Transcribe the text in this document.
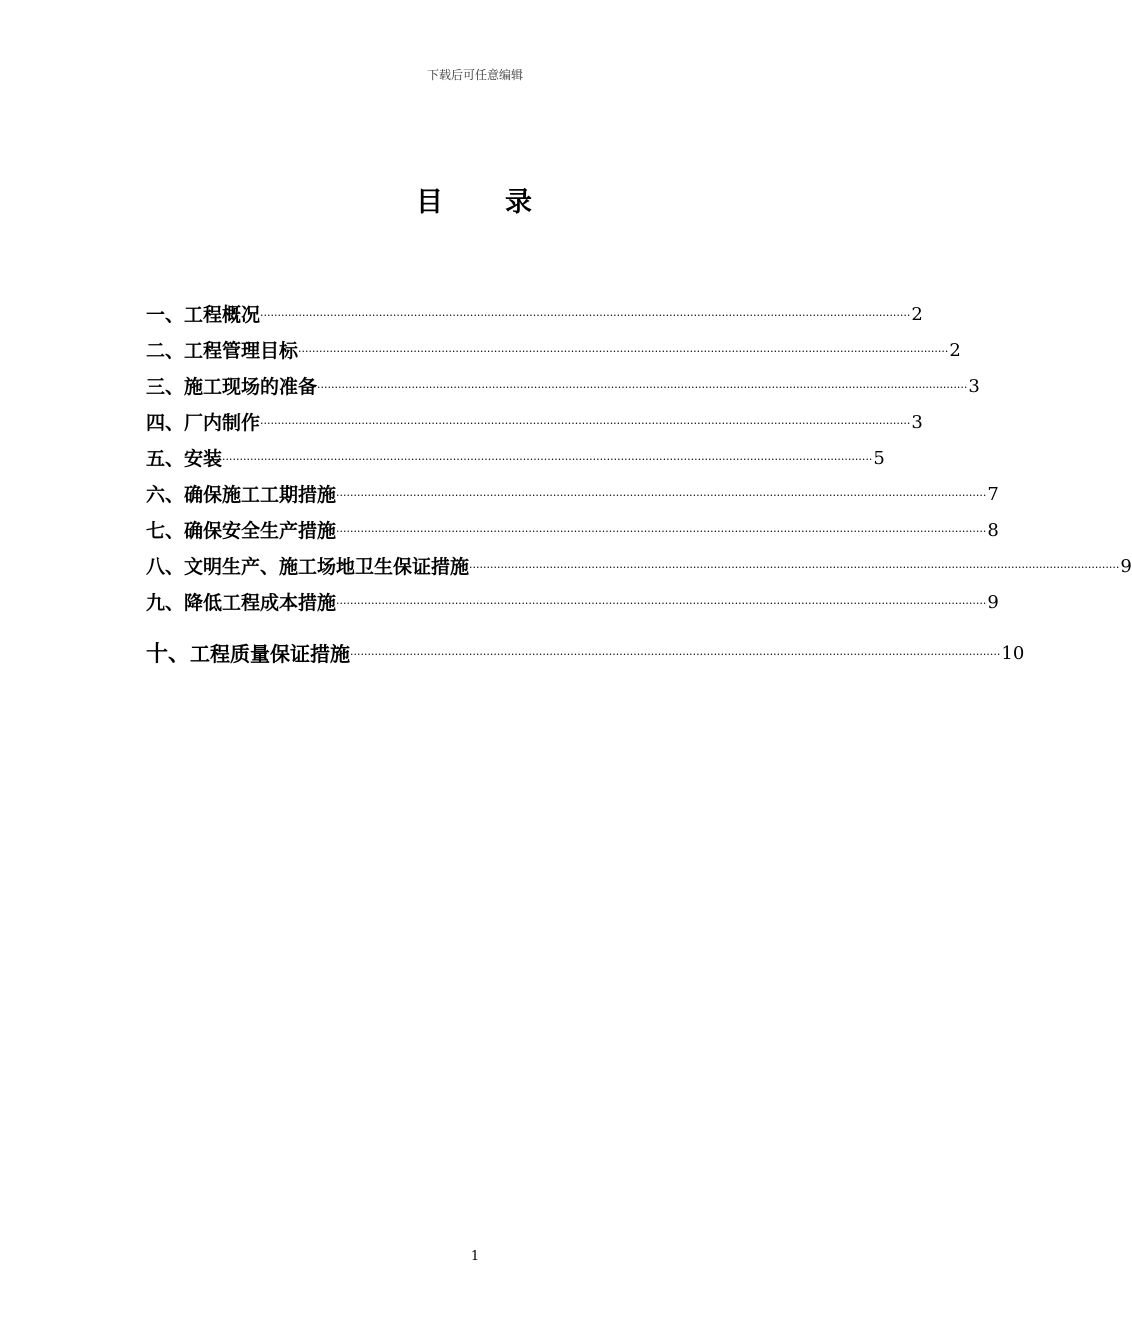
下载后可任意编辑
目 录
一、 工程概况 ·························································································································································································· 2
二、 工程管理目标 ·························································································································································································· 2
三、 施工现场的准备 ·························································································································································································· 3
四、 厂内制作 ·························································································································································································· 3
五、 安装 ·························································································································································································· 5
六、 确保施工工期措施 ·························································································································································································· 7
七、 确保安全生产措施 ·························································································································································································· 8
八、 文明生产、施工场地卫生保证措施 ·························································································································································································· 9
九、 降低工程成本措施 ·························································································································································································· 9
十、 工程质量保证措施 ·························································································································································································· 10
1
